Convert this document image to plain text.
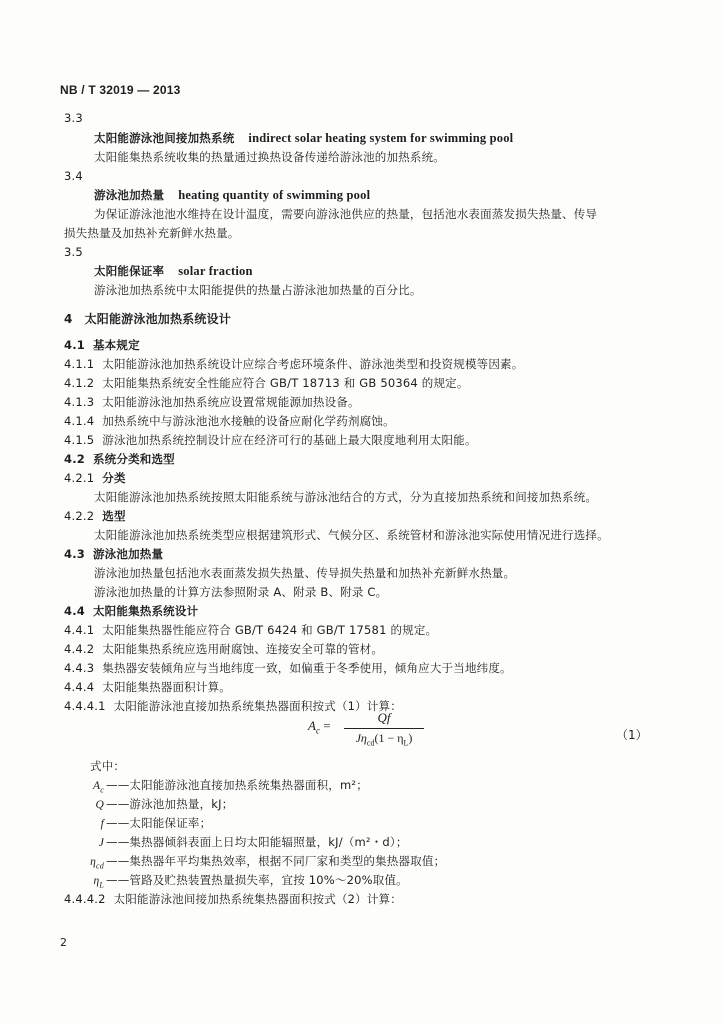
NB / T 32019 — 2013
3.3
太阳能游泳池间接加热系统 indirect solar heating system for swimming pool
太阳能集热系统收集的热量通过换热设备传递给游泳池的加热系统。
3.4
游泳池加热量 heating quantity of swimming pool
为保证游泳池池水维持在设计温度，需要向游泳池供应的热量，包括池水表面蒸发损失热量、传导
损失热量及加热补充新鲜水热量。
3.5
太阳能保证率 solar fraction
游泳池加热系统中太阳能提供的热量占游泳池加热量的百分比。
4 太阳能游泳池加热系统设计
4.1 基本规定
4.1.1 太阳能游泳池加热系统设计应综合考虑环境条件、游泳池类型和投资规模等因素。
4.1.2 太阳能集热系统安全性能应符合 GB/T 18713 和 GB 50364 的规定。
4.1.3 太阳能游泳池加热系统应设置常规能源加热设备。
4.1.4 加热系统中与游泳池池水接触的设备应耐化学药剂腐蚀。
4.1.5 游泳池加热系统控制设计应在经济可行的基础上最大限度地利用太阳能。
4.2 系统分类和选型
4.2.1 分类
太阳能游泳池加热系统按照太阳能系统与游泳池结合的方式，分为直接加热系统和间接加热系统。
4.2.2 选型
太阳能游泳池加热系统类型应根据建筑形式、气候分区、系统管材和游泳池实际使用情况进行选择。
4.3 游泳池加热量
游泳池加热量包括池水表面蒸发损失热量、传导损失热量和加热补充新鲜水热量。
游泳池加热量的计算方法参照附录 A、附录 B、附录 C。
4.4 太阳能集热系统设计
4.4.1 太阳能集热器性能应符合 GB/T 6424 和 GB/T 17581 的规定。
4.4.2 太阳能集热系统应选用耐腐蚀、连接安全可靠的管材。
4.4.3 集热器安装倾角应与当地纬度一致，如偏重于冬季使用，倾角应大于当地纬度。
4.4.4 太阳能集热器面积计算。
4.4.4.1 太阳能游泳池直接加热系统集热器面积按式（1）计算：
$A_c$ =
Qf
$J\eta_{cd}(1 - \eta_L)$	（1）
式中：
$A_c$ ——太阳能游泳池直接加热系统集热器面积，m²；
Q ——游泳池加热量，kJ；
f ——太阳能保证率；
J ——集热器倾斜表面上日均太阳能辐照量，kJ/（m²・d）；
$\eta_{cd}$ ——集热器年平均集热效率，根据不同厂家和类型的集热器取值；
$\eta_L$ ——管路及贮热装置热量损失率，宜按 10%～20%取值。
4.4.4.2 太阳能游泳池间接加热系统集热器面积按式（2）计算：
2
